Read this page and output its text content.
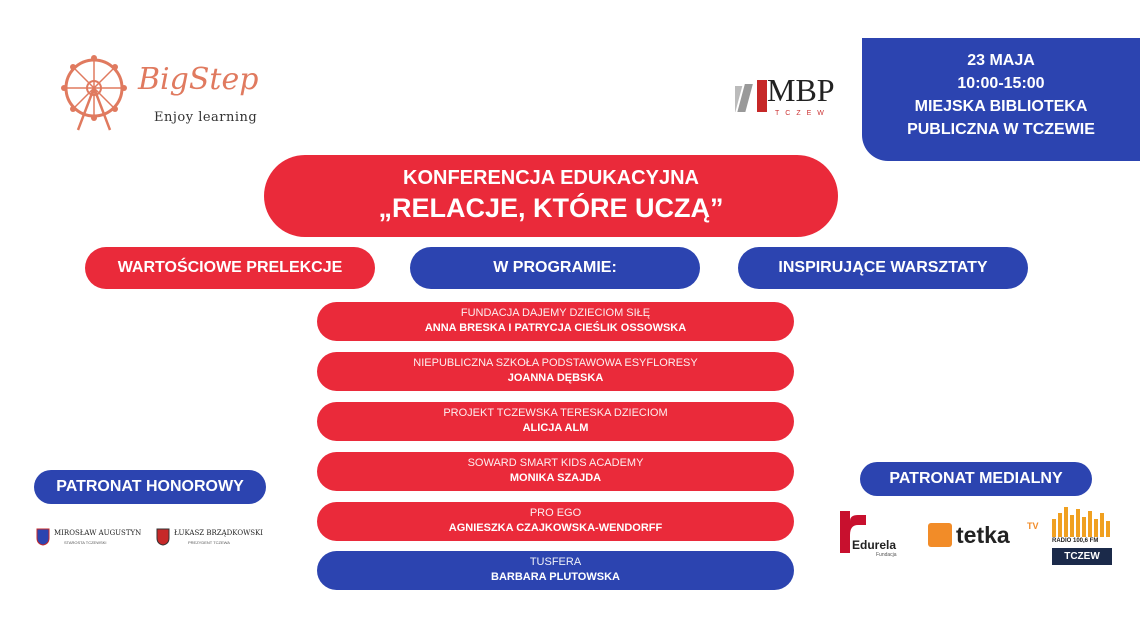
BigStep
Enjoy learning
MBP
TCZEW
23 MAJA
10:00-15:00
MIEJSKA BIBLIOTEKA
PUBLICZNA W TCZEWIE
KONFERENCJA EDUKACYJNA
„RELACJE, KTÓRE UCZĄ”
WARTOŚCIOWE PRELEKCJE	W PROGRAMIE:	INSPIRUJĄCE WARSZTATY
FUNDACJA DAJEMY DZIECIOM SIŁĘ
ANNA BRESKA I PATRYCJA CIEŚLIK OSSOWSKA
NIEPUBLICZNA SZKOŁA PODSTAWOWA ESYFLORESY
JOANNA DĘBSKA
PROJEKT TCZEWSKA TERESKA DZIECIOM
ALICJA ALM
SOWARD SMART KIDS ACADEMY
MONIKA SZAJDA
PRO EGO
AGNIESZKA CZAJKOWSKA-WENDORFF
TUSFERA
BARBARA PLUTOWSKA
PATRONAT HONOROWY
MIROSŁAW AUGUSTYN
STAROSTA TCZEWSKI
ŁUKASZ BRZĄDKOWSKI
PREZYDENT TCZEWA
PATRONAT MEDIALNY
Edurela
Fundacja
tetka TV
RADIO 100,6 FM
TCZEW
